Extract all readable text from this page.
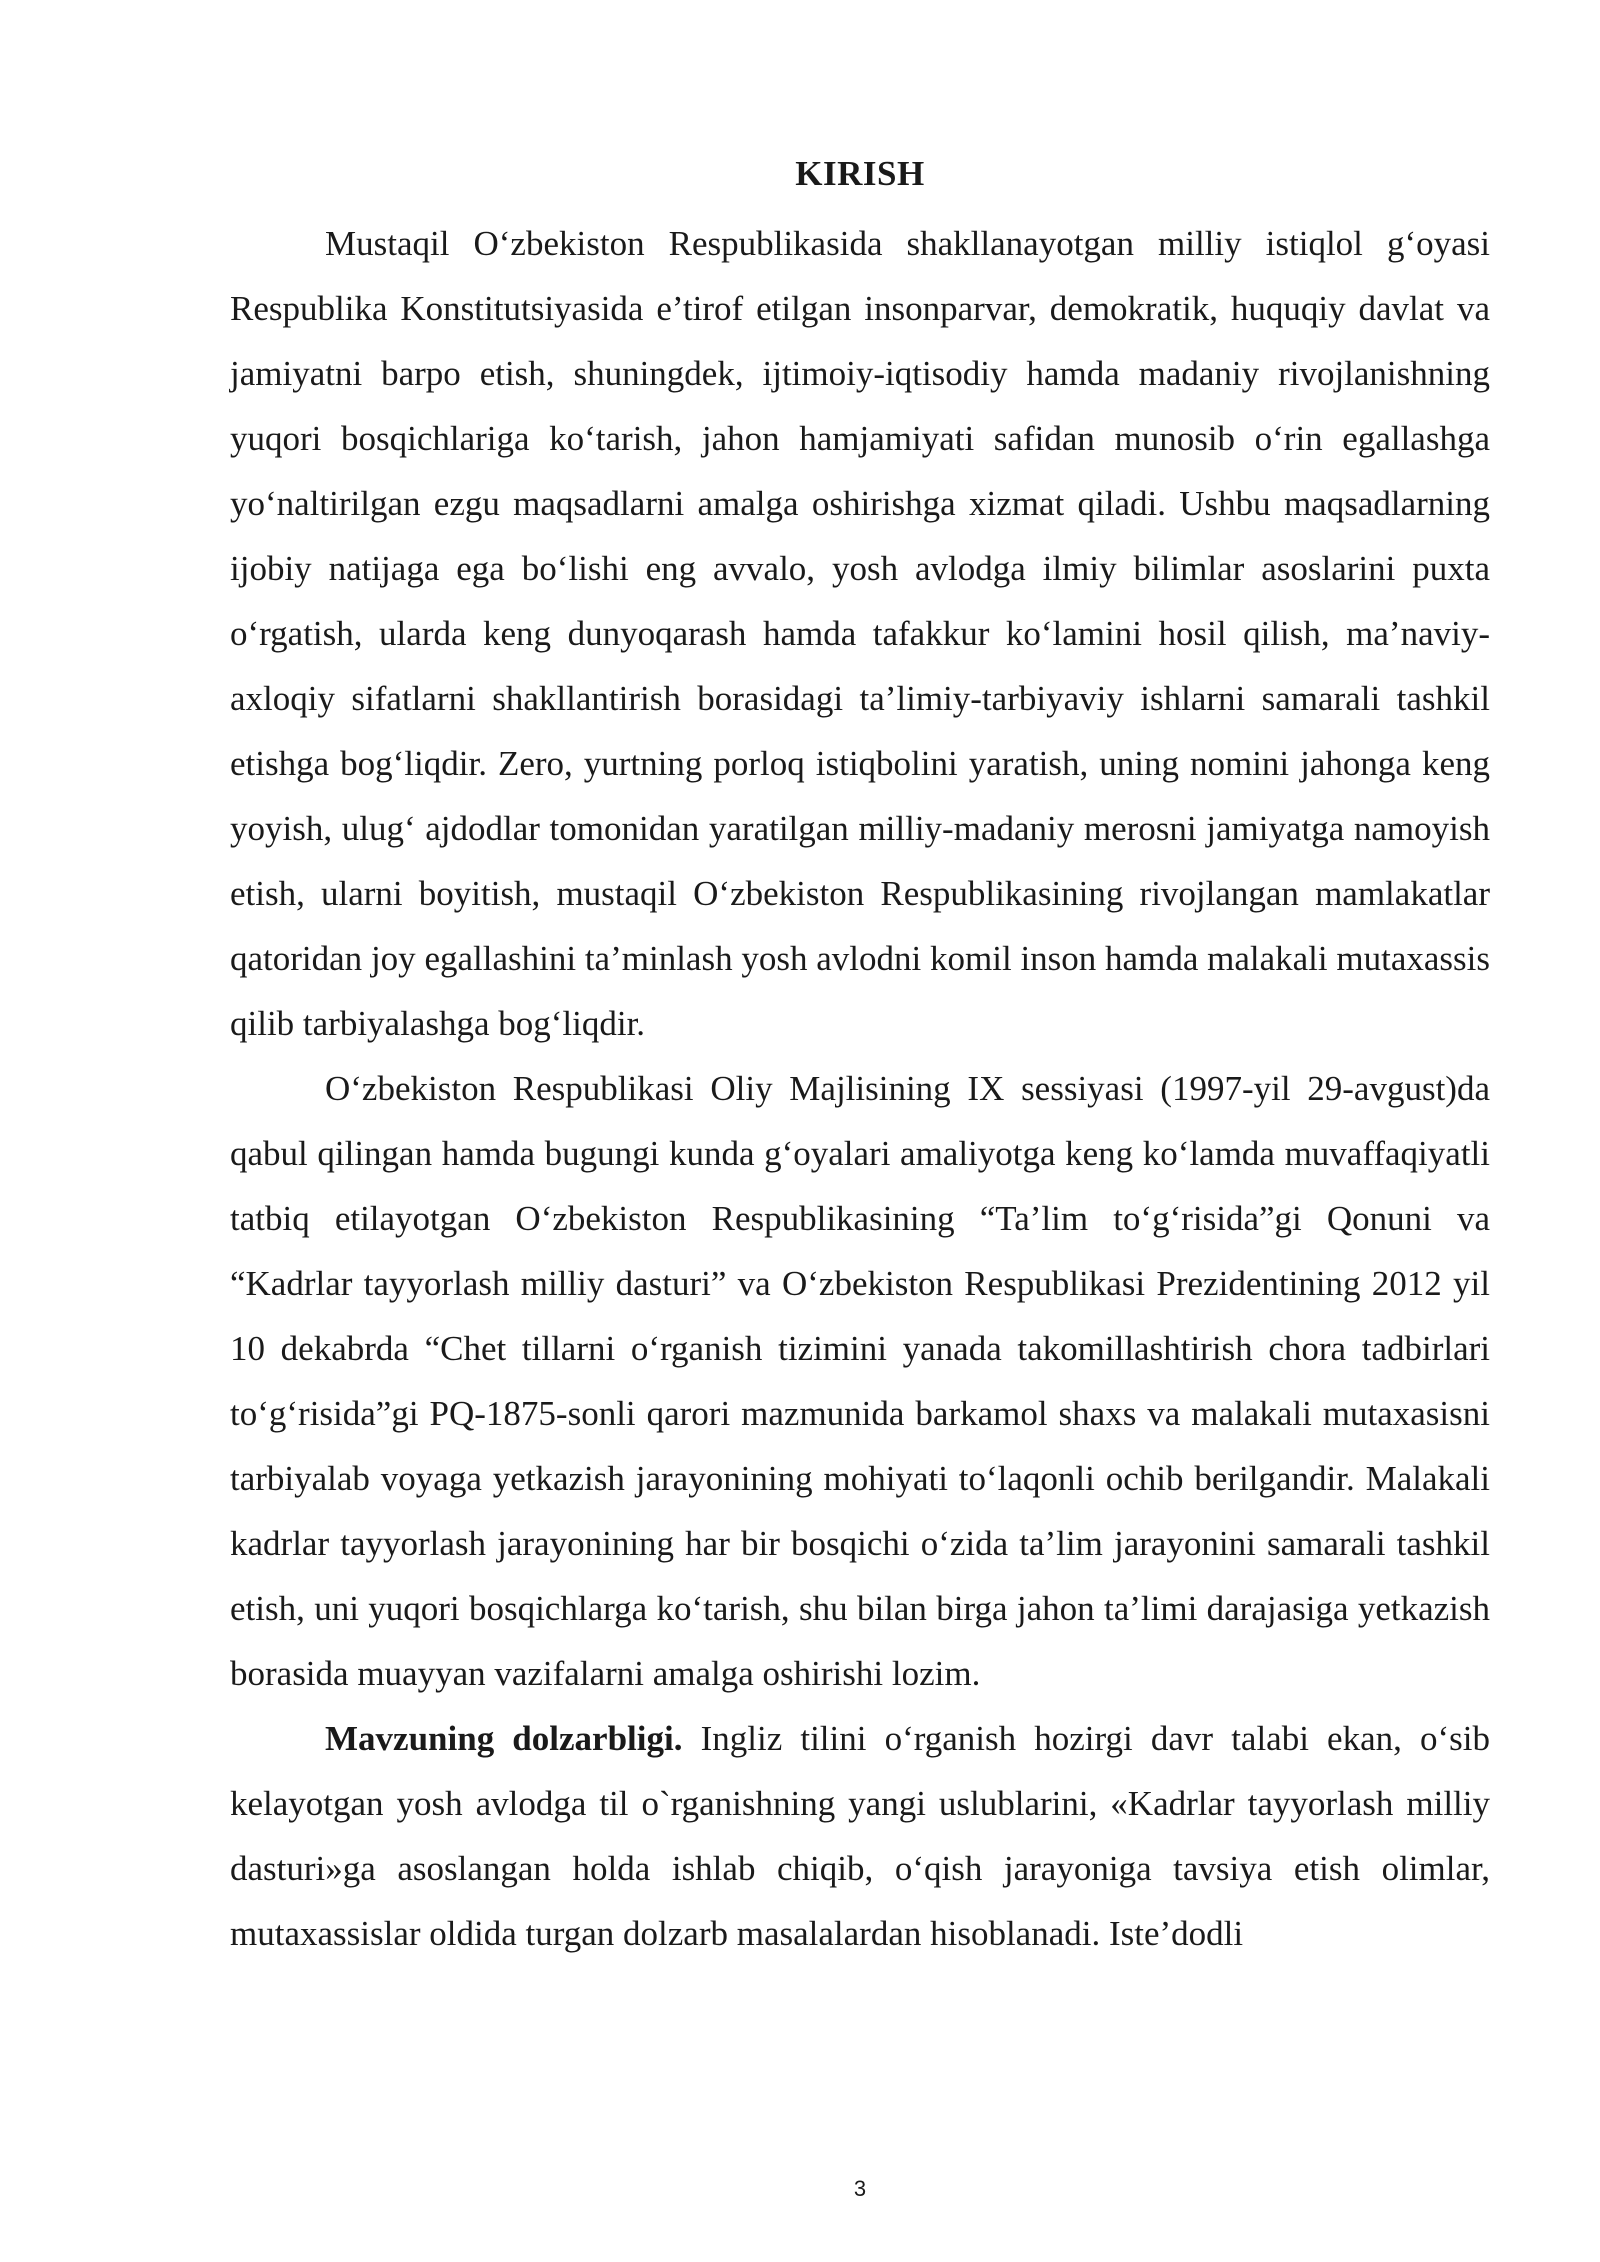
KIRISH

Mustaqil O‘zbekiston Respublikasida shakllanayotgan milliy istiqlol g‘oyasi Respublika Konstitutsiyasida e’tirof etilgan insonparvar, demokratik, huquqiy davlat va jamiyatni barpo etish, shuningdek, ijtimoiy-iqtisodiy hamda madaniy rivojlanishning yuqori bosqichlariga ko‘tarish, jahon hamjamiyati safidan munosib o‘rin egallashga yo‘naltirilgan ezgu maqsadlarni amalga oshirishga xizmat qiladi. Ushbu maqsadlarning ijobiy natijaga ega bo‘lishi eng avvalo, yosh avlodga ilmiy bilimlar asoslarini puxta o‘rgatish, ularda keng dunyoqarash hamda tafakkur ko‘lamini hosil qilish, ma’naviy-axloqiy sifatlarni shakllantirish borasidagi ta’limiy-tarbiyaviy ishlarni samarali tashkil etishga bog‘liqdir. Zero, yurtning porloq istiqbolini yaratish, uning nomini jahonga keng yoyish, ulug‘ ajdodlar tomonidan yaratilgan milliy-madaniy merosni jamiyatga namoyish etish, ularni boyitish, mustaqil O‘zbekiston Respublikasining rivojlangan mamlakatlar qatoridan joy egallashini ta’minlash yosh avlodni komil inson hamda malakali mutaxassis qilib tarbiyalashga bog‘liqdir.

O‘zbekiston Respublikasi Oliy Majlisining IX sessiyasi (1997-yil 29-avgust)da qabul qilingan hamda bugungi kunda g‘oyalari amaliyotga keng ko‘lamda muvaffaqiyatli tatbiq etilayotgan O‘zbekiston Respublikasining “Ta’lim to‘g‘risida”gi Qonuni va “Kadrlar tayyorlash milliy dasturi” va O‘zbekiston Respublikasi Prezidentining 2012 yil 10 dekabrda “Chet tillarni o‘rganish tizimini yanada takomillashtirish chora tadbirlari to‘g‘risida”gi PQ-1875-sonli qarori mazmunida barkamol shaxs va malakali mutaxasisni tarbiyalab voyaga yetkazish jarayonining mohiyati to‘laqonli ochib berilgandir. Malakali kadrlar tayyorlash jarayonining har bir bosqichi o‘zida ta’lim jarayonini samarali tashkil etish, uni yuqori bosqichlarga ko‘tarish, shu bilan birga jahon ta’limi darajasiga yetkazish borasida muayyan vazifalarni amalga oshirishi lozim.

Mavzuning dolzarbligi. Ingliz tilini o‘rganish hozirgi davr talabi ekan, o‘sib kelayotgan yosh avlodga til o`rganishning yangi uslublarini, «Kadrlar tayyorlash milliy dasturi»ga asoslangan holda ishlab chiqib, o‘qish jarayoniga tavsiya etish olimlar, mutaxassislar oldida turgan dolzarb masalalardan hisoblanadi. Iste’dodli

3
